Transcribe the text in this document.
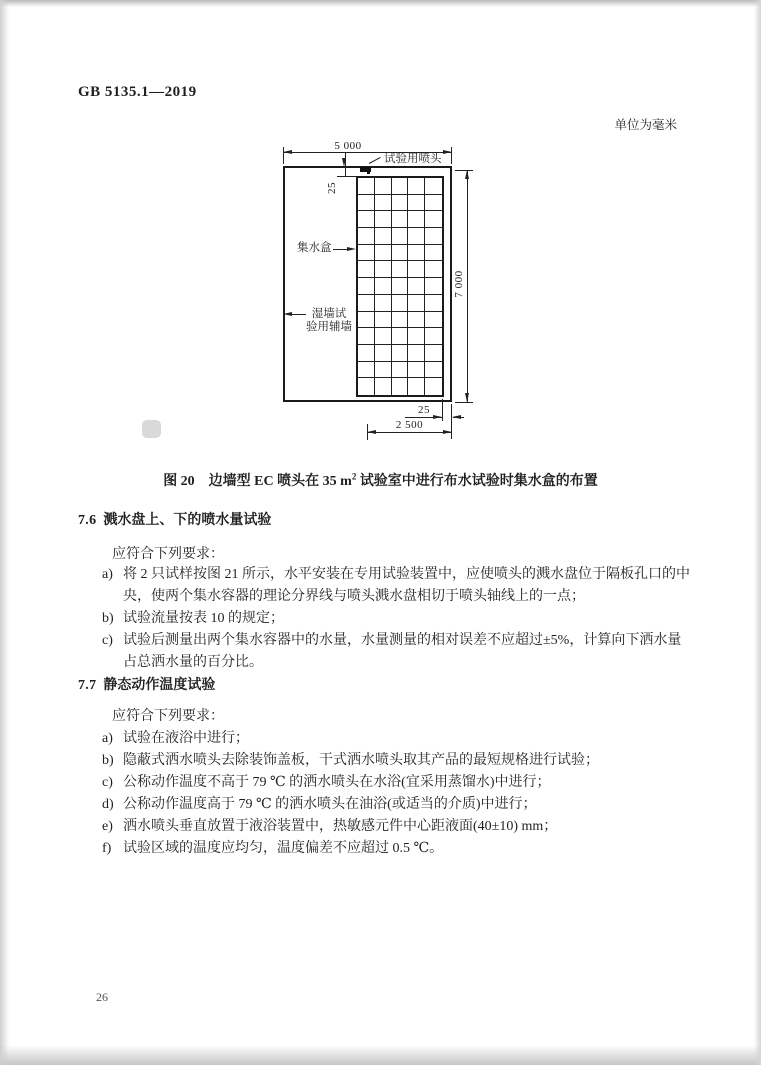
GB 5135.1—2019
单位为毫米
试验用喷头
5 000
25
集水盒
湿墙试
验用辅墙
7 000
25
2 500
图 20　边墙型 EC 喷头在 35 $m^2$ 试验室中进行布水试验时集水盒的布置
7.6 溅水盘上、下的喷水量试验
应符合下列要求：
a) 将 2 只试样按图 21 所示，水平安装在专用试验装置中，应使喷头的溅水盘位于隔板孔口的中央，使两个集水容器的理论分界线与喷头溅水盘相切于喷头轴线上的一点；
b) 试验流量按表 10 的规定；
c) 试验后测量出两个集水容器中的水量，水量测量的相对误差不应超过±5%，计算向下洒水量占总洒水量的百分比。
7.7 静态动作温度试验
应符合下列要求：
a) 试验在液浴中进行；
b) 隐蔽式洒水喷头去除装饰盖板，干式洒水喷头取其产品的最短规格进行试验；
c) 公称动作温度不高于 79 ℃ 的洒水喷头在水浴(宜采用蒸馏水)中进行；
d) 公称动作温度高于 79 ℃ 的洒水喷头在油浴(或适当的介质)中进行；
e) 洒水喷头垂直放置于液浴装置中，热敏感元件中心距液面(40±10) mm；
f) 试验区域的温度应均匀，温度偏差不应超过 0.5 ℃。
26
